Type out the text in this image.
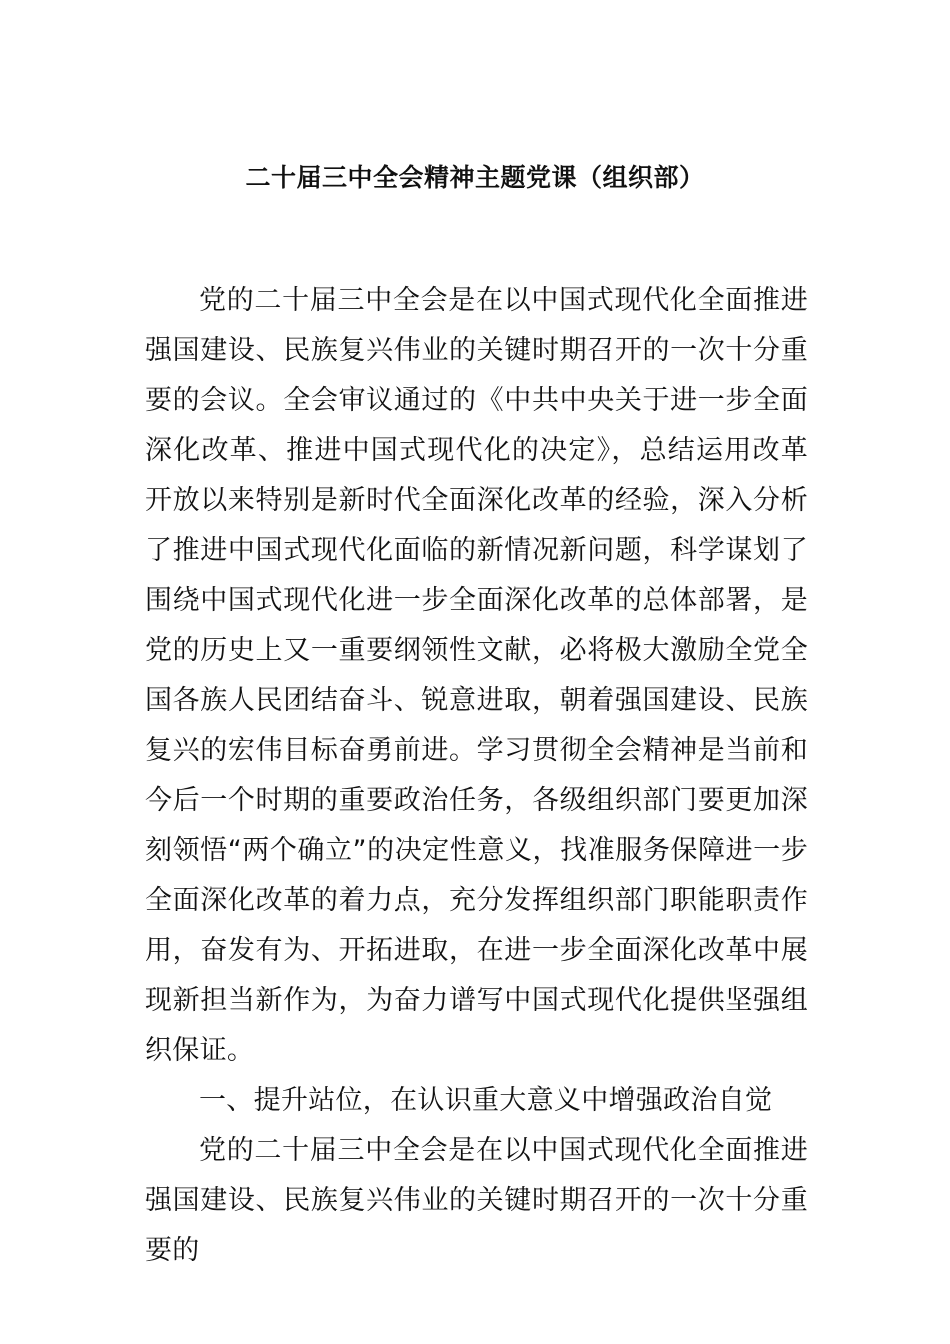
二十届三中全会精神主题党课（组织部）

党的二十届三中全会是在以中国式现代化全面推进强国建设、民族复兴伟业的关键时期召开的一次十分重要的会议。全会审议通过的《中共中央关于进一步全面深化改革、推进中国式现代化的决定》，总结运用改革开放以来特别是新时代全面深化改革的经验，深入分析了推进中国式现代化面临的新情况新问题，科学谋划了围绕中国式现代化进一步全面深化改革的总体部署，是党的历史上又一重要纲领性文献，必将极大激励全党全国各族人民团结奋斗、锐意进取，朝着强国建设、民族复兴的宏伟目标奋勇前进。学习贯彻全会精神是当前和今后一个时期的重要政治任务，各级组织部门要更加深刻领悟“两个确立”的决定性意义，找准服务保障进一步全面深化改革的着力点，充分发挥组织部门职能职责作用，奋发有为、开拓进取，在进一步全面深化改革中展现新担当新作为，为奋力谱写中国式现代化提供坚强组织保证。

一、提升站位，在认识重大意义中增强政治自觉

党的二十届三中全会是在以中国式现代化全面推进强国建设、民族复兴伟业的关键时期召开的一次十分重要的
